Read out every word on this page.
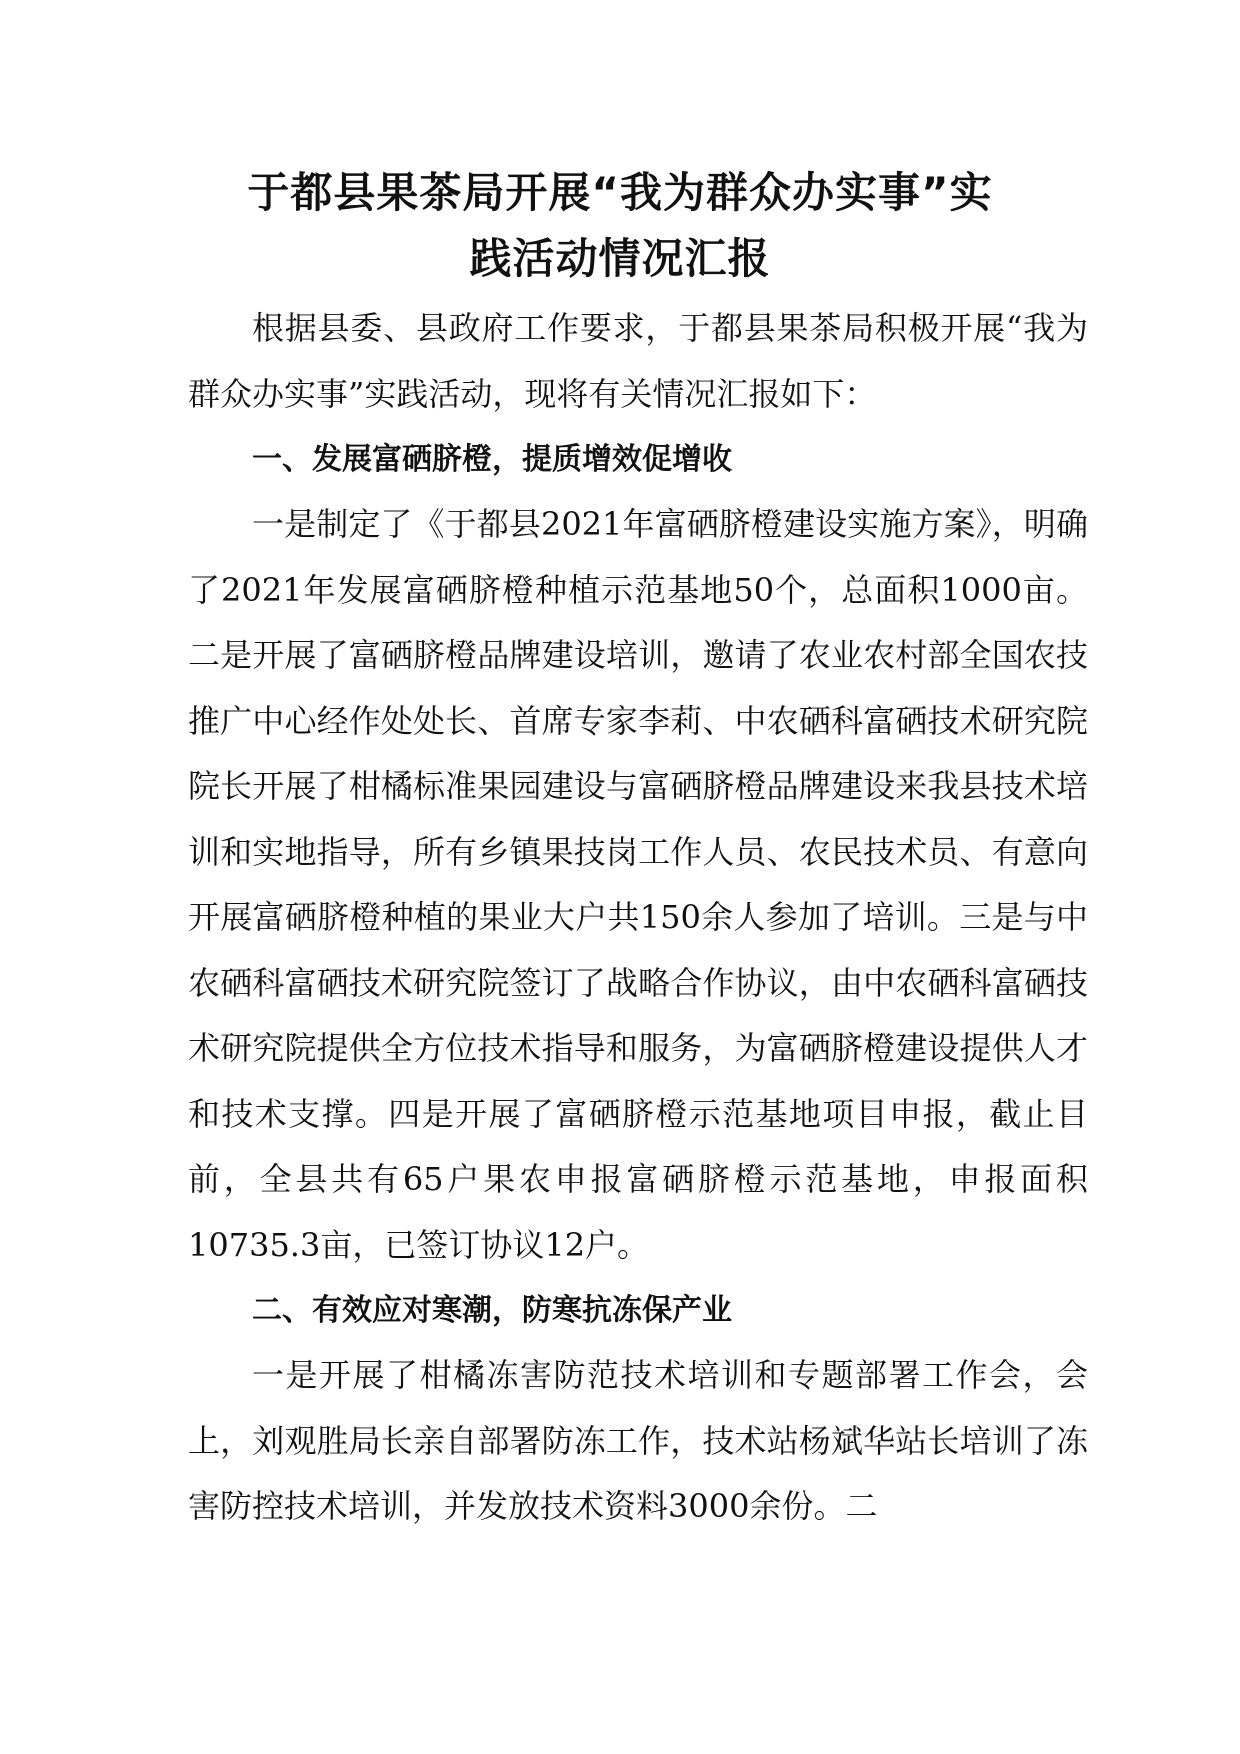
于都县果茶局开展“我为群众办实事”实
践活动情况汇报

根据县委、县政府工作要求，于都县果茶局积极开展“我为群众办实事”实践活动，现将有关情况汇报如下：

一、发展富硒脐橙，提质增效促增收

一是制定了《于都县2021年富硒脐橙建设实施方案》，明确了2021年发展富硒脐橙种植示范基地50个，总面积1000亩。二是开展了富硒脐橙品牌建设培训，邀请了农业农村部全国农技推广中心经作处处长、首席专家李莉、中农硒科富硒技术研究院院长开展了柑橘标准果园建设与富硒脐橙品牌建设来我县技术培训和实地指导，所有乡镇果技岗工作人员、农民技术员、有意向开展富硒脐橙种植的果业大户共150余人参加了培训。三是与中农硒科富硒技术研究院签订了战略合作协议，由中农硒科富硒技术研究院提供全方位技术指导和服务，为富硒脐橙建设提供人才和技术支撑。四是开展了富硒脐橙示范基地项目申报，截止目前，全县共有65户果农申报富硒脐橙示范基地，申报面积10735.3亩，已签订协议12户。

二、有效应对寒潮，防寒抗冻保产业

一是开展了柑橘冻害防范技术培训和专题部署工作会，会上，刘观胜局长亲自部署防冻工作，技术站杨斌华站长培训了冻害防控技术培训，并发放技术资料3000余份。二
